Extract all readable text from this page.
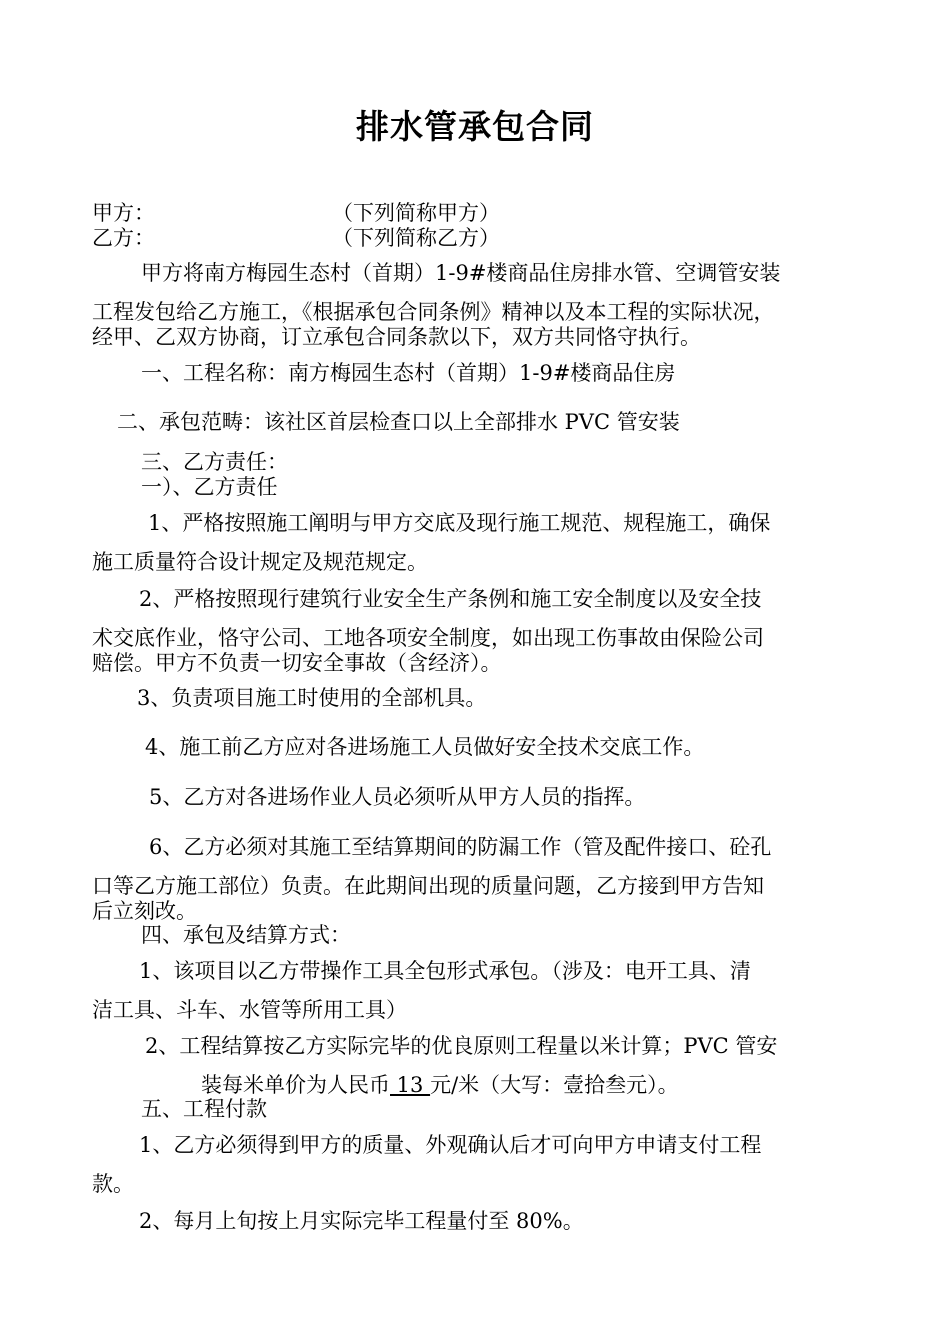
排水管承包合同
甲方：	（下列简称甲方）
乙方：	（下列简称乙方）
甲方将南方梅园生态村（首期）1-9#楼商品住房排水管、空调管安装
工程发包给乙方施工，《根据承包合同条例》精神以及本工程的实际状况，
经甲、乙双方协商，订立承包合同条款以下，双方共同恪守执行。
一、工程名称：南方梅园生态村（首期）1-9#楼商品住房
二、承包范畴：该社区首层检查口以上全部排水 PVC 管安装
三、乙方责任：
一）、乙方责任
1、严格按照施工阐明与甲方交底及现行施工规范、规程施工，确保
施工质量符合设计规定及规范规定。
2、严格按照现行建筑行业安全生产条例和施工安全制度以及安全技
术交底作业，恪守公司、工地各项安全制度，如出现工伤事故由保险公司
赔偿。甲方不负责一切安全事故（含经济）。
3、负责项目施工时使用的全部机具。
4、施工前乙方应对各进场施工人员做好安全技术交底工作。
5、乙方对各进场作业人员必须听从甲方人员的指挥。
6、乙方必须对其施工至结算期间的防漏工作（管及配件接口、砼孔
口等乙方施工部位）负责。在此期间出现的质量问题，乙方接到甲方告知
后立刻改。
四、承包及结算方式：
1、该项目以乙方带操作工具全包形式承包。（涉及：电开工具、清
洁工具、斗车、水管等所用工具）
2、工程结算按乙方实际完毕的优良原则工程量以米计算；PVC 管安
装每米单价为人民币 13 元/米（大写：壹拾叁元）。
五、工程付款
1、乙方必须得到甲方的质量、外观确认后才可向甲方申请支付工程
款。
2、每月上旬按上月实际完毕工程量付至 80%。
